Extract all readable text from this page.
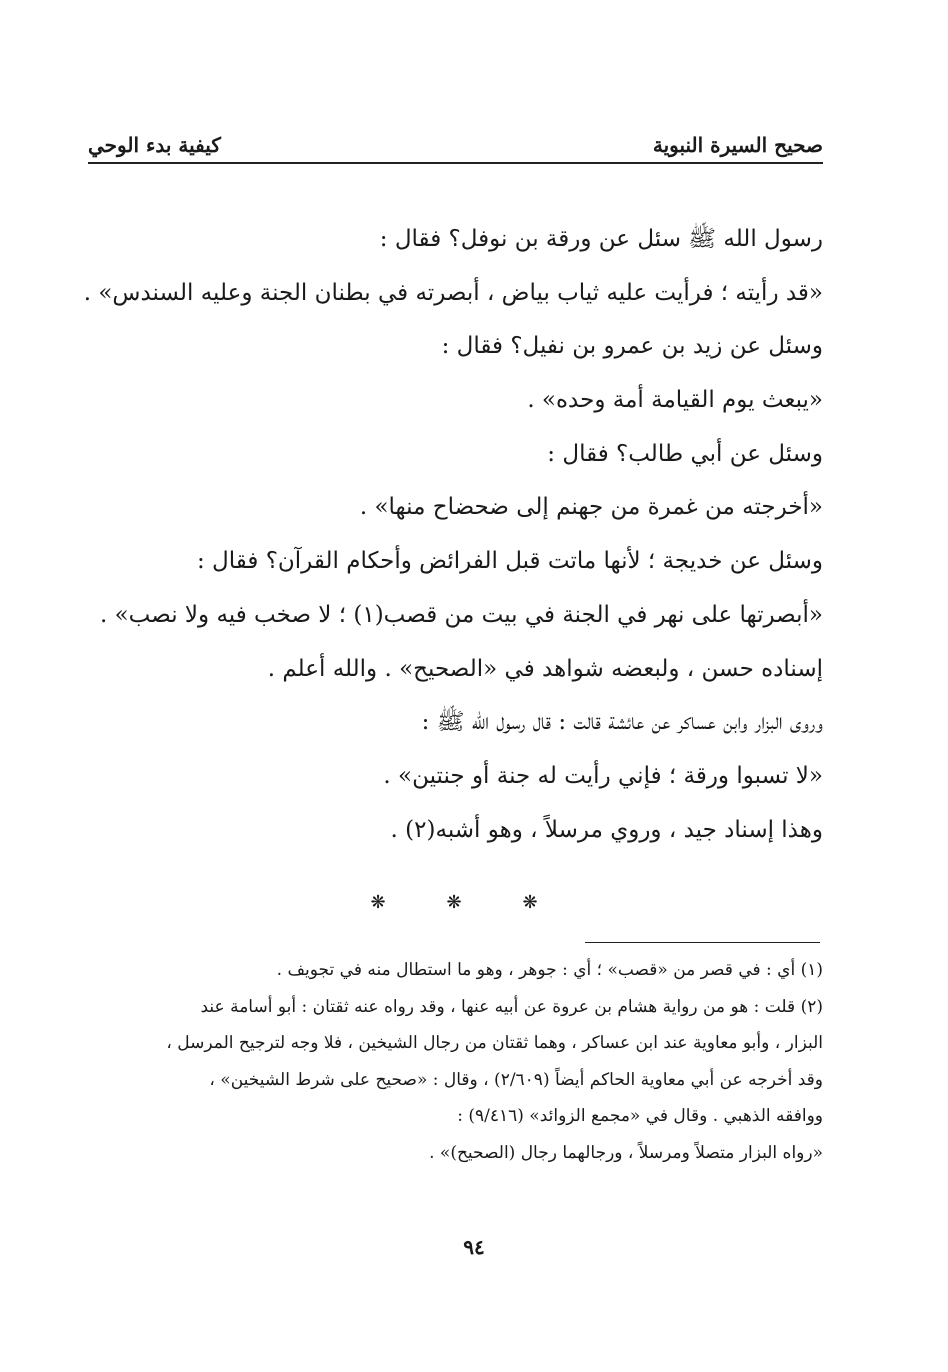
صحيح السيرة النبوية
كيفية بدء الوحي
رسول الله ﷺ سئل عن ورقة بن نوفل؟ فقال :
«قد رأيته ؛ فرأيت عليه ثياب بياض ، أبصرته في بطنان الجنة وعليه السندس» .
وسئل عن زيد بن عمرو بن نفيل؟ فقال :
«يبعث يوم القيامة أمة وحده» .
وسئل عن أبي طالب؟ فقال :
«أخرجته من غمرة من جهنم إلى ضحضاح منها» .
وسئل عن خديجة ؛ لأنها ماتت قبل الفرائض وأحكام القرآن؟ فقال :
«أبصرتها على نهر في الجنة في بيت من قصب(١) ؛ لا صخب فيه ولا نصب» .
إسناده حسن ، ولبعضه شواهد في «الصحيح» . والله أعلم .
وروى البزار وابن عساكر عن عائشة قالت : قال رسول الله ﷺ :
«لا تسبوا ورقة ؛ فإني رأيت له جنة أو جنتين» .
وهذا إسناد جيد ، وروي مرسلاً ، وهو أشبه(٢) .
❋	❋	❋
(١) أي : في قصر من «قصب» ؛ أي : جوهر ، وهو ما استطال منه في تجويف .
(٢) قلت : هو من رواية هشام بن عروة عن أبيه عنها ، وقد رواه عنه ثقتان : أبو أسامة عند
البزار ، وأبو معاوية عند ابن عساكر ، وهما ثقتان من رجال الشيخين ، فلا وجه لترجيح المرسل ،
وقد أخرجه عن أبي معاوية الحاكم أيضاً (٢/٦٠٩) ، وقال : «صحيح على شرط الشيخين» ،
ووافقه الذهبي . وقال في «مجمع الزوائد» (٩/٤١٦) :
«رواه البزار متصلاً ومرسلاً ، ورجالهما رجال (الصحيح)» .
٩٤
